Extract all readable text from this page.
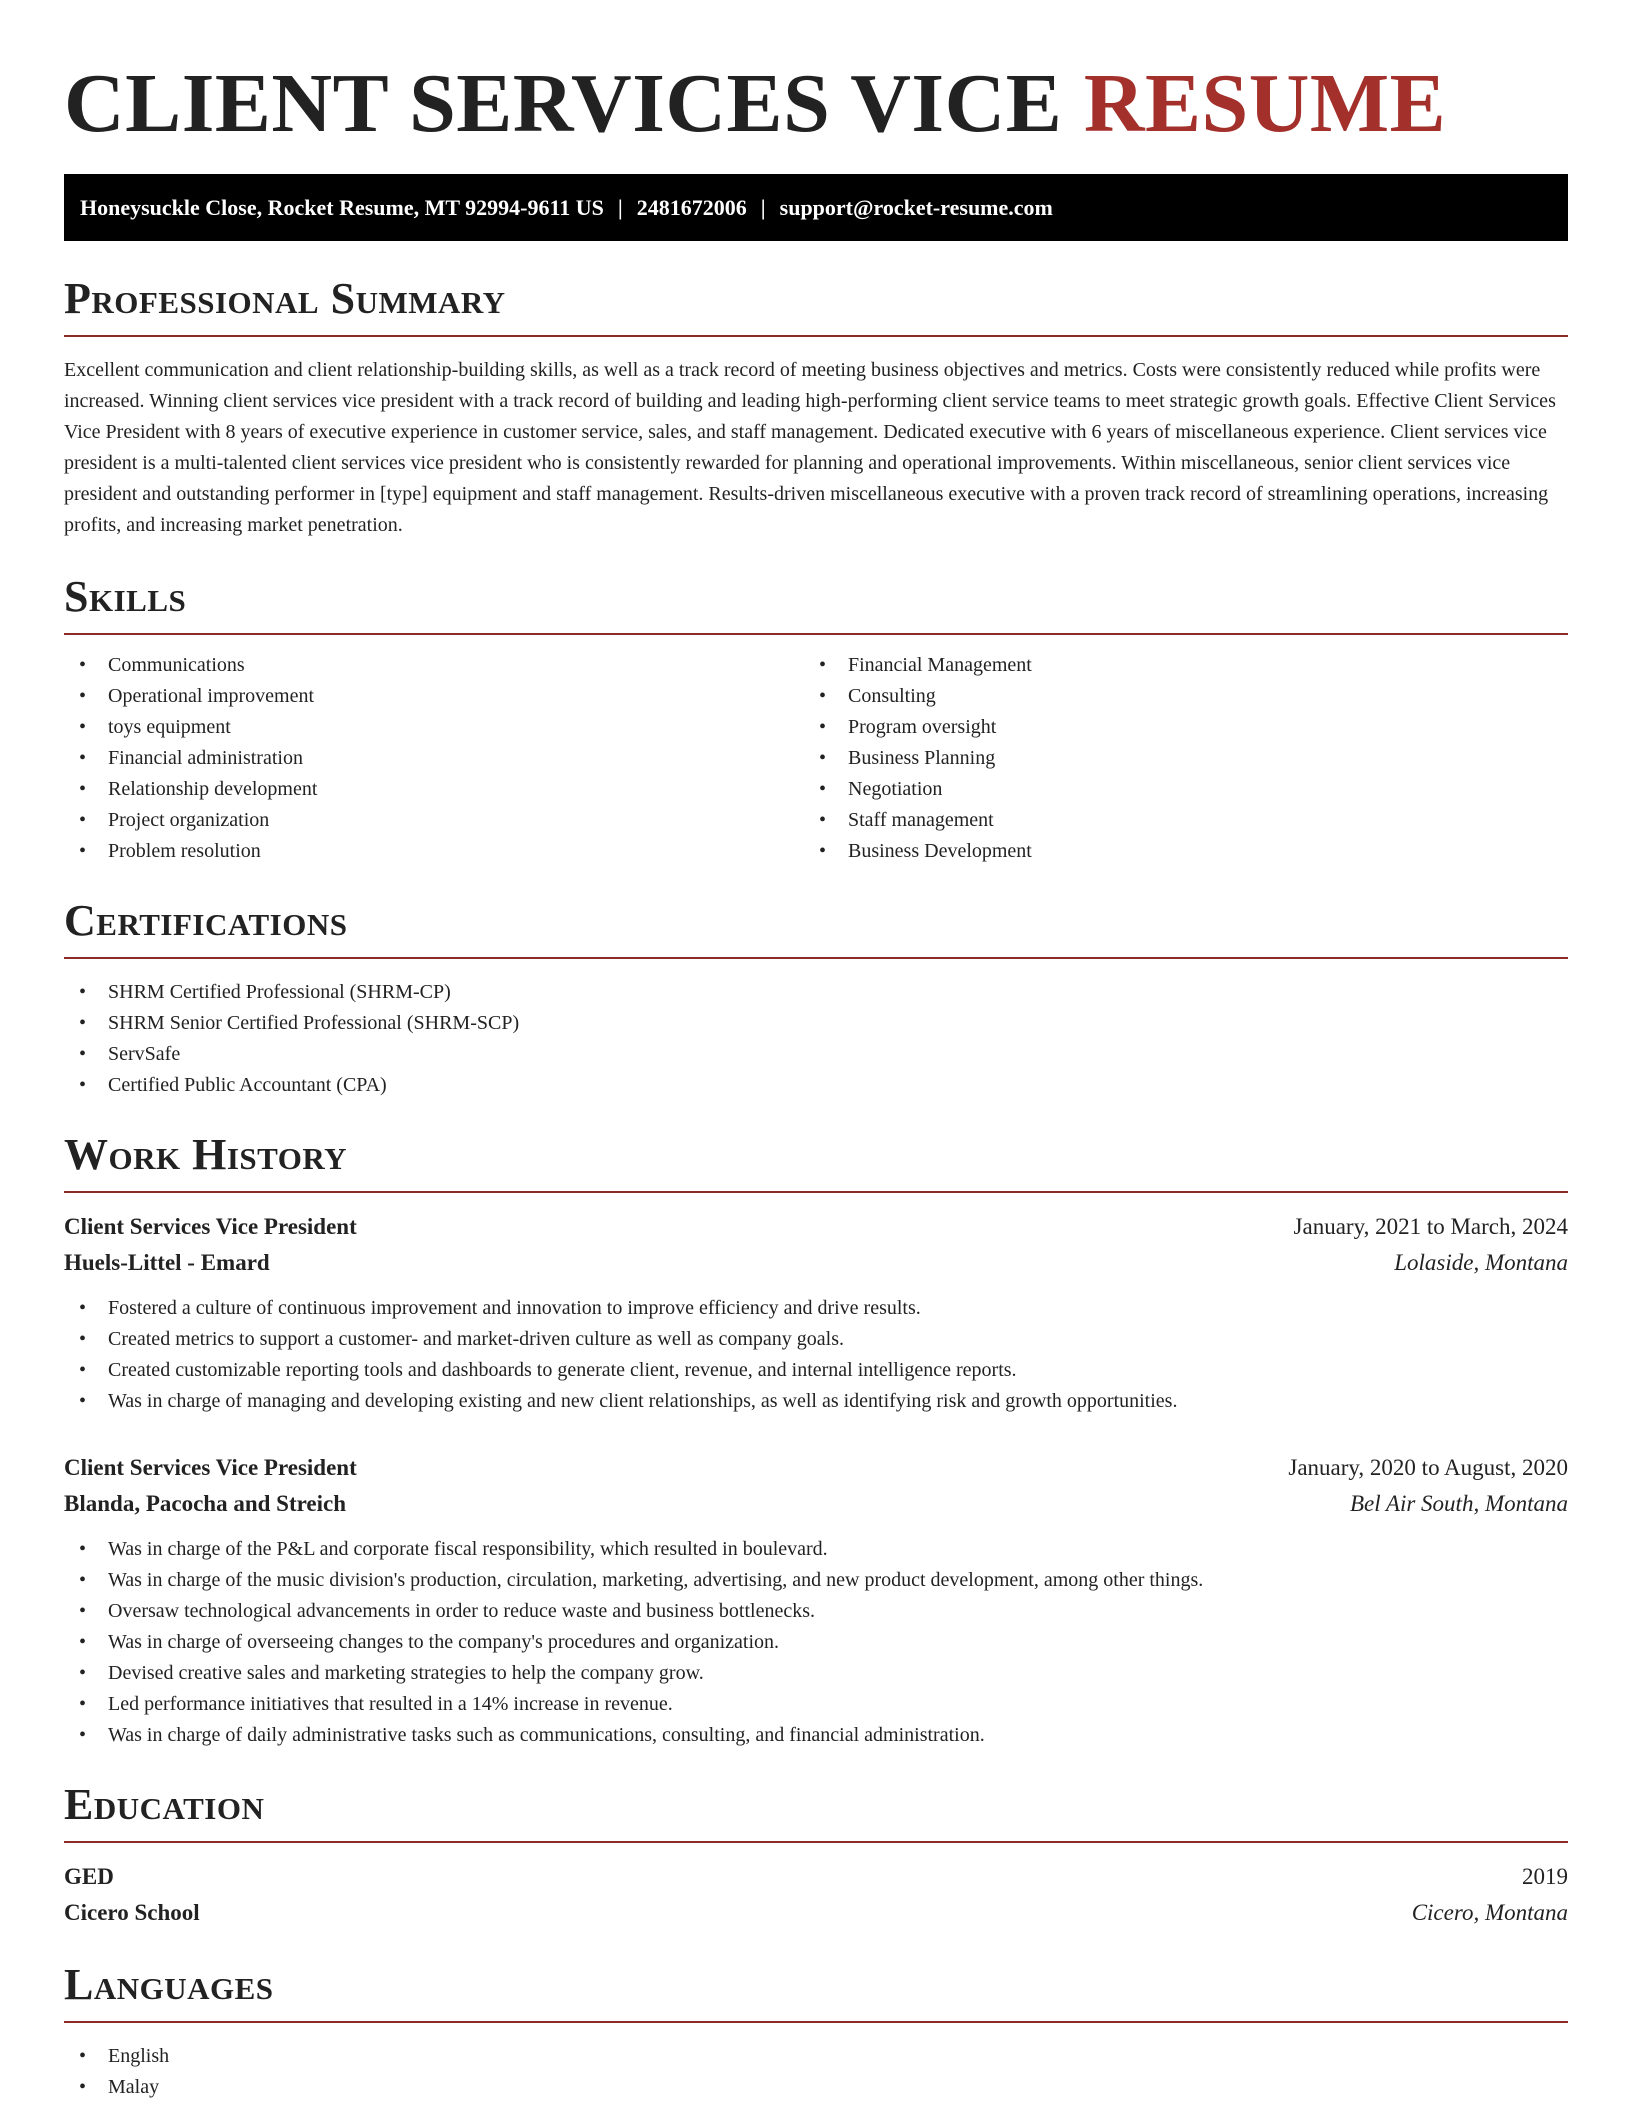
CLIENT SERVICES VICE RESUME
Honeysuckle Close, Rocket Resume, MT 92994-9611 US | 2481672006 | support@rocket-resume.com
Professional Summary

Excellent communication and client relationship-building skills, as well as a track record of meeting business objectives and metrics. Costs were consistently reduced while profits were increased. Winning client services vice president with a track record of building and leading high-performing client service teams to meet strategic growth goals. Effective Client Services Vice President with 8 years of executive experience in customer service, sales, and staff management. Dedicated executive with 6 years of miscellaneous experience. Client services vice president is a multi-talented client services vice president who is consistently rewarded for planning and operational improvements. Within miscellaneous, senior client services vice president and outstanding performer in [type] equipment and staff management. Results-driven miscellaneous executive with a proven track record of streamlining operations, increasing profits, and increasing market penetration.

Skills
• Communications
• Operational improvement
• toys equipment
• Financial administration
• Relationship development
• Project organization
• Problem resolution
• Financial Management
• Consulting
• Program oversight
• Business Planning
• Negotiation
• Staff management
• Business Development
Certifications
• SHRM Certified Professional (SHRM-CP)
• SHRM Senior Certified Professional (SHRM-SCP)
• ServSafe
• Certified Public Accountant (CPA)
Work History
Client Services Vice President	January, 2021 to March, 2024
Huels-Littel - Emard	Lolaside, Montana
• Fostered a culture of continuous improvement and innovation to improve efficiency and drive results.
• Created metrics to support a customer- and market-driven culture as well as company goals.
• Created customizable reporting tools and dashboards to generate client, revenue, and internal intelligence reports.
• Was in charge of managing and developing existing and new client relationships, as well as identifying risk and growth opportunities.
Client Services Vice President	January, 2020 to August, 2020
Blanda, Pacocha and Streich	Bel Air South, Montana
• Was in charge of the P&L and corporate fiscal responsibility, which resulted in boulevard.
• Was in charge of the music division's production, circulation, marketing, advertising, and new product development, among other things.
• Oversaw technological advancements in order to reduce waste and business bottlenecks.
• Was in charge of overseeing changes to the company's procedures and organization.
• Devised creative sales and marketing strategies to help the company grow.
• Led performance initiatives that resulted in a 14% increase in revenue.
• Was in charge of daily administrative tasks such as communications, consulting, and financial administration.
Education
GED	2019
Cicero School	Cicero, Montana
Languages
• English
• Malay
